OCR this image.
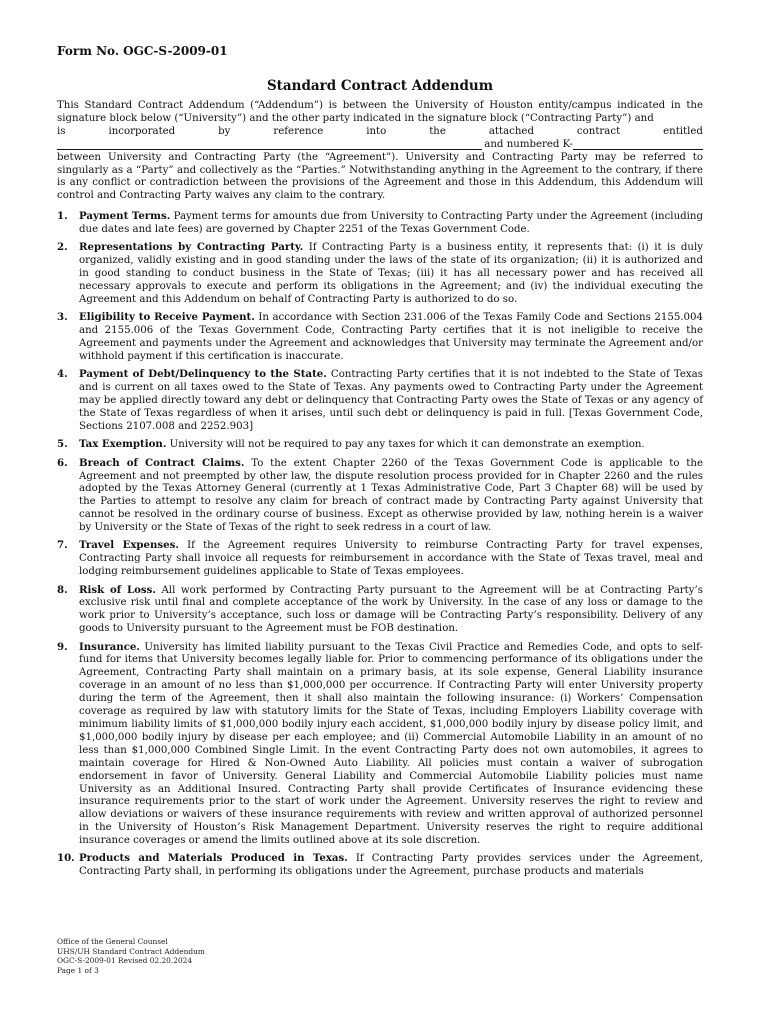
Form No. OGC-S-2009-01

Standard Contract Addendum

This Standard Contract Addendum (“Addendum”) is between the University of Houston entity/campus indicated in the signature block below (“University”) and the other party indicated in the signature block (“Contracting Party”) and

is	incorporated	by	reference	into	the	attached	contract	entitled
and numbered K-

between University and Contracting Party (the “Agreement”). University and Contracting Party may be referred to singularly as a “Party” and collectively as the “Parties.” Notwithstanding anything in the Agreement to the contrary, if there is any conflict or contradiction between the provisions of the Agreement and those in this Addendum, this Addendum will control and Contracting Party waives any claim to the contrary.

1.	Payment Terms. Payment terms for amounts due from University to Contracting Party under the Agreement (including due dates and late fees) are governed by Chapter 2251 of the Texas Government Code.
2.	Representations by Contracting Party. If Contracting Party is a business entity, it represents that: (i) it is duly organized, validly existing and in good standing under the laws of the state of its organization; (ii) it is authorized and in good standing to conduct business in the State of Texas; (iii) it has all necessary power and has received all necessary approvals to execute and perform its obligations in the Agreement; and (iv) the individual executing the Agreement and this Addendum on behalf of Contracting Party is authorized to do so.
3.	Eligibility to Receive Payment. In accordance with Section 231.006 of the Texas Family Code and Sections 2155.004 and 2155.006 of the Texas Government Code, Contracting Party certifies that it is not ineligible to receive the Agreement and payments under the Agreement and acknowledges that University may terminate the Agreement and/or withhold payment if this certification is inaccurate.
4.	Payment of Debt/Delinquency to the State. Contracting Party certifies that it is not indebted to the State of Texas and is current on all taxes owed to the State of Texas. Any payments owed to Contracting Party under the Agreement may be applied directly toward any debt or delinquency that Contracting Party owes the State of Texas or any agency of the State of Texas regardless of when it arises, until such debt or delinquency is paid in full. [Texas Government Code, Sections 2107.008 and 2252.903]
5.	Tax Exemption. University will not be required to pay any taxes for which it can demonstrate an exemption.
6.	Breach of Contract Claims. To the extent Chapter 2260 of the Texas Government Code is applicable to the Agreement and not preempted by other law, the dispute resolution process provided for in Chapter 2260 and the rules adopted by the Texas Attorney General (currently at 1 Texas Administrative Code, Part 3 Chapter 68) will be used by the Parties to attempt to resolve any claim for breach of contract made by Contracting Party against University that cannot be resolved in the ordinary course of business. Except as otherwise provided by law, nothing herein is a waiver by University or the State of Texas of the right to seek redress in a court of law.
7.	Travel Expenses. If the Agreement requires University to reimburse Contracting Party for travel expenses, Contracting Party shall invoice all requests for reimbursement in accordance with the State of Texas travel, meal and lodging reimbursement guidelines applicable to State of Texas employees.
8.	Risk of Loss. All work performed by Contracting Party pursuant to the Agreement will be at Contracting Party’s exclusive risk until final and complete acceptance of the work by University. In the case of any loss or damage to the work prior to University’s acceptance, such loss or damage will be Contracting Party’s responsibility. Delivery of any goods to University pursuant to the Agreement must be FOB destination.
9.	Insurance. University has limited liability pursuant to the Texas Civil Practice and Remedies Code, and opts to self-fund for items that University becomes legally liable for. Prior to commencing performance of its obligations under the Agreement, Contracting Party shall maintain on a primary basis, at its sole expense, General Liability insurance coverage in an amount of no less than $1,000,000 per occurrence. If Contracting Party will enter University property during the term of the Agreement, then it shall also maintain the following insurance: (i) Workers’ Compensation coverage as required by law with statutory limits for the State of Texas, including Employers Liability coverage with minimum liability limits of $1,000,000 bodily injury each accident, $1,000,000 bodily injury by disease policy limit, and $1,000,000 bodily injury by disease per each employee; and (ii) Commercial Automobile Liability in an amount of no less than $1,000,000 Combined Single Limit. In the event Contracting Party does not own automobiles, it agrees to maintain coverage for Hired & Non-Owned Auto Liability. All policies must contain a waiver of subrogation endorsement in favor of University. General Liability and Commercial Automobile Liability policies must name University as an Additional Insured. Contracting Party shall provide Certificates of Insurance evidencing these insurance requirements prior to the start of work under the Agreement. University reserves the right to review and allow deviations or waivers of these insurance requirements with review and written approval of authorized personnel in the University of Houston’s Risk Management Department. University reserves the right to require additional insurance coverages or amend the limits outlined above at its sole discretion.
10. Products and Materials Produced in Texas. If Contracting Party provides services under the Agreement, Contracting Party shall, in performing its obligations under the Agreement, purchase products and materials
Office of the General Counsel
UHS/UH Standard Contract Addendum
OGC-S-2009-01 Revised 02.20.2024
Page 1 of 3
